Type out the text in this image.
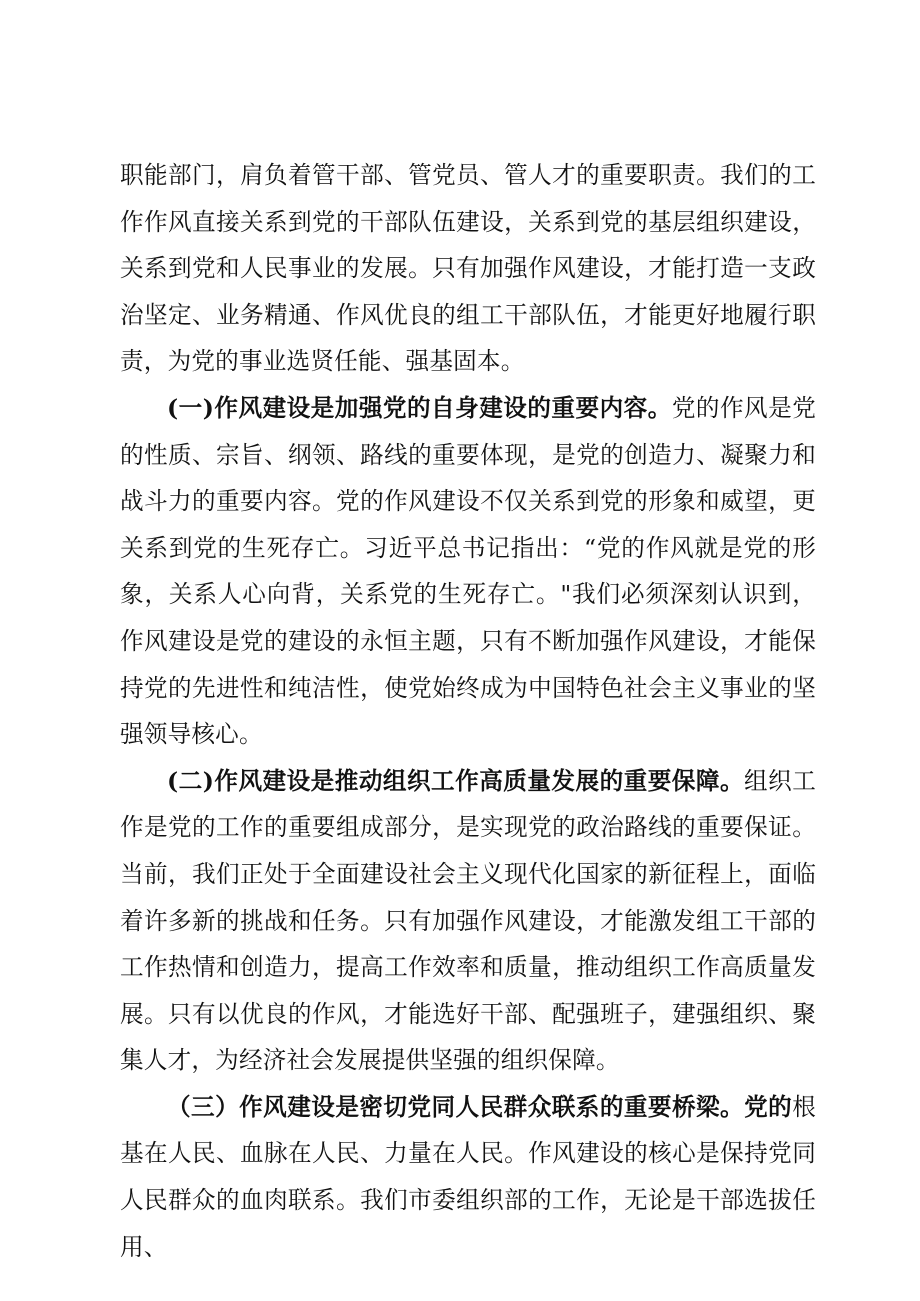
职能部门，肩负着管干部、管党员、管人才的重要职责。我们的工作作风直接关系到党的干部队伍建设，关系到党的基层组织建设，关系到党和人民事业的发展。只有加强作风建设，才能打造一支政治坚定、业务精通、作风优良的组工干部队伍，才能更好地履行职责，为党的事业选贤任能、强基固本。

(一)作风建设是加强党的自身建设的重要内容。党的作风是党的性质、宗旨、纲领、路线的重要体现，是党的创造力、凝聚力和战斗力的重要内容。党的作风建设不仅关系到党的形象和威望，更关系到党的生死存亡。习近平总书记指出：“党的作风就是党的形象，关系人心向背，关系党的生死存亡。"我们必须深刻认识到，作风建设是党的建设的永恒主题，只有不断加强作风建设，才能保持党的先进性和纯洁性，使党始终成为中国特色社会主义事业的坚强领导核心。

(二)作风建设是推动组织工作高质量发展的重要保障。组织工作是党的工作的重要组成部分，是实现党的政治路线的重要保证。当前，我们正处于全面建设社会主义现代化国家的新征程上，面临着许多新的挑战和任务。只有加强作风建设，才能激发组工干部的工作热情和创造力，提高工作效率和质量，推动组织工作高质量发展。只有以优良的作风，才能选好干部、配强班子，建强组织、聚集人才，为经济社会发展提供坚强的组织保障。

（三）作风建设是密切党同人民群众联系的重要桥梁。党的根基在人民、血脉在人民、力量在人民。作风建设的核心是保持党同人民群众的血肉联系。我们市委组织部的工作，无论是干部选拔任用、
